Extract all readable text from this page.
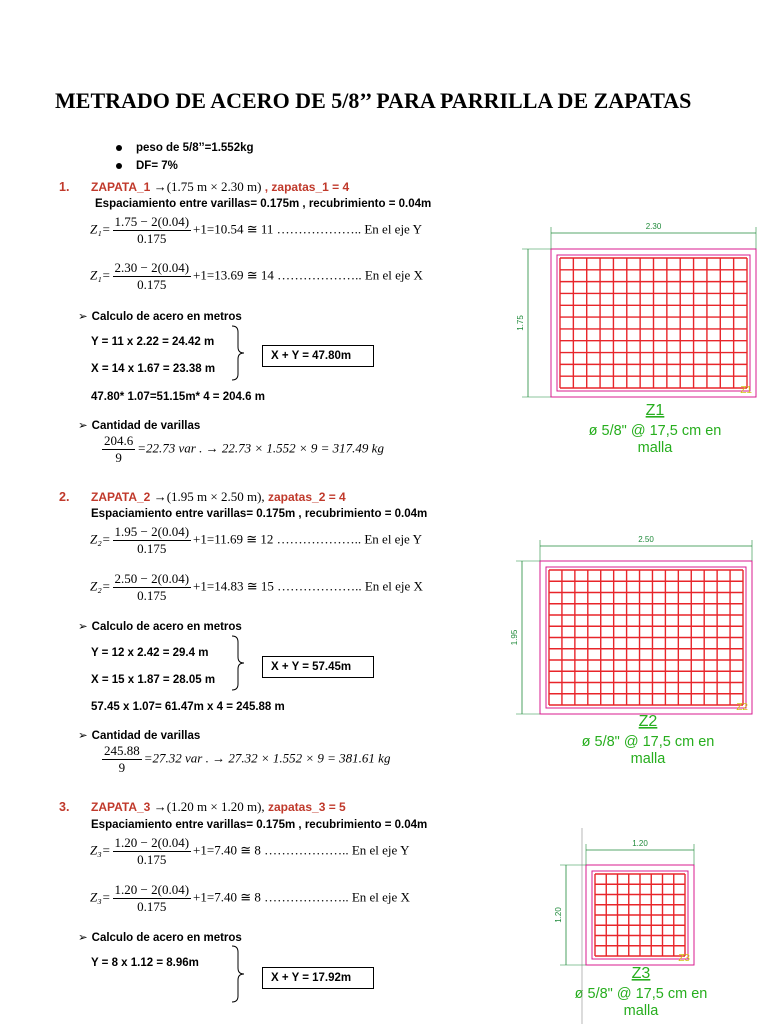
METRADO DE ACERO DE 5/8’’ PARA PARRILLA DE ZAPATAS
peso de 5/8’’=1.552kg
DF= 7%
1. ZAPATA_1 →(1.75 m × 2.30 m) , zapatas_1 = 4
Espaciamiento entre varillas= 0.175m , recubrimiento = 0.04m
$Z_1= \frac{1.75 - 2(0.04)}{0.175} +1=10.54$ ≅ 11 ……………….. En el eje Y
$Z_1= \frac{2.30 - 2(0.04)}{0.175} +1=13.69$ ≅ 14 ……………….. En el eje X
➢ Calculo de acero en metros
Y = 11 x 2.22 = 24.42 m
X = 14 x 1.67 = 23.38 m
X + Y = 47.80m
47.80* 1.07=51.15m* 4 = 204.6 m
➢ Cantidad de varillas
$\frac{204.6}{9} =22.73$ var . → 22.73 × 1.552 × 9 = 317.49 kg
2. ZAPATA_2 →(1.95 m × 2.50 m), zapatas_2 = 4
Espaciamiento entre varillas= 0.175m , recubrimiento = 0.04m
$Z_2= \frac{1.95 - 2(0.04)}{0.175} +1=11.69$ ≅ 12 ……………….. En el eje Y
$Z_2= \frac{2.50 - 2(0.04)}{0.175} +1=14.83$ ≅ 15 ……………….. En el eje X
➢ Calculo de acero en metros
Y = 12 x 2.42 = 29.4 m
X = 15 x 1.87 = 28.05 m
X + Y = 57.45m
57.45 x 1.07= 61.47m x 4 = 245.88 m
➢ Cantidad de varillas
$\frac{245.88}{9} =27.32$ var . → 27.32 × 1.552 × 9 = 381.61 kg
3. ZAPATA_3 →(1.20 m × 1.20 m), zapatas_3 = 5
Espaciamiento entre varillas= 0.175m , recubrimiento = 0.04m
$Z_3= \frac{1.20 - 2(0.04)}{0.175} +1=7.40$ ≅ 8 ……………….. En el eje Y
$Z_3= \frac{1.20 - 2(0.04)}{0.175} +1=7.40$ ≅ 8 ……………….. En el eje X
➢ Calculo de acero en metros
Y = 8 x 1.12 = 8.96m
X + Y = 17.92m
2.30
1.75
Z1
Z1
ø 5/8" @ 17,5 cm en
malla
2.50
1.95
Z2
Z2
ø 5/8" @ 17,5 cm en
malla
1.20
1.20
Z3
Z3
ø 5/8" @ 17,5 cm en
malla
